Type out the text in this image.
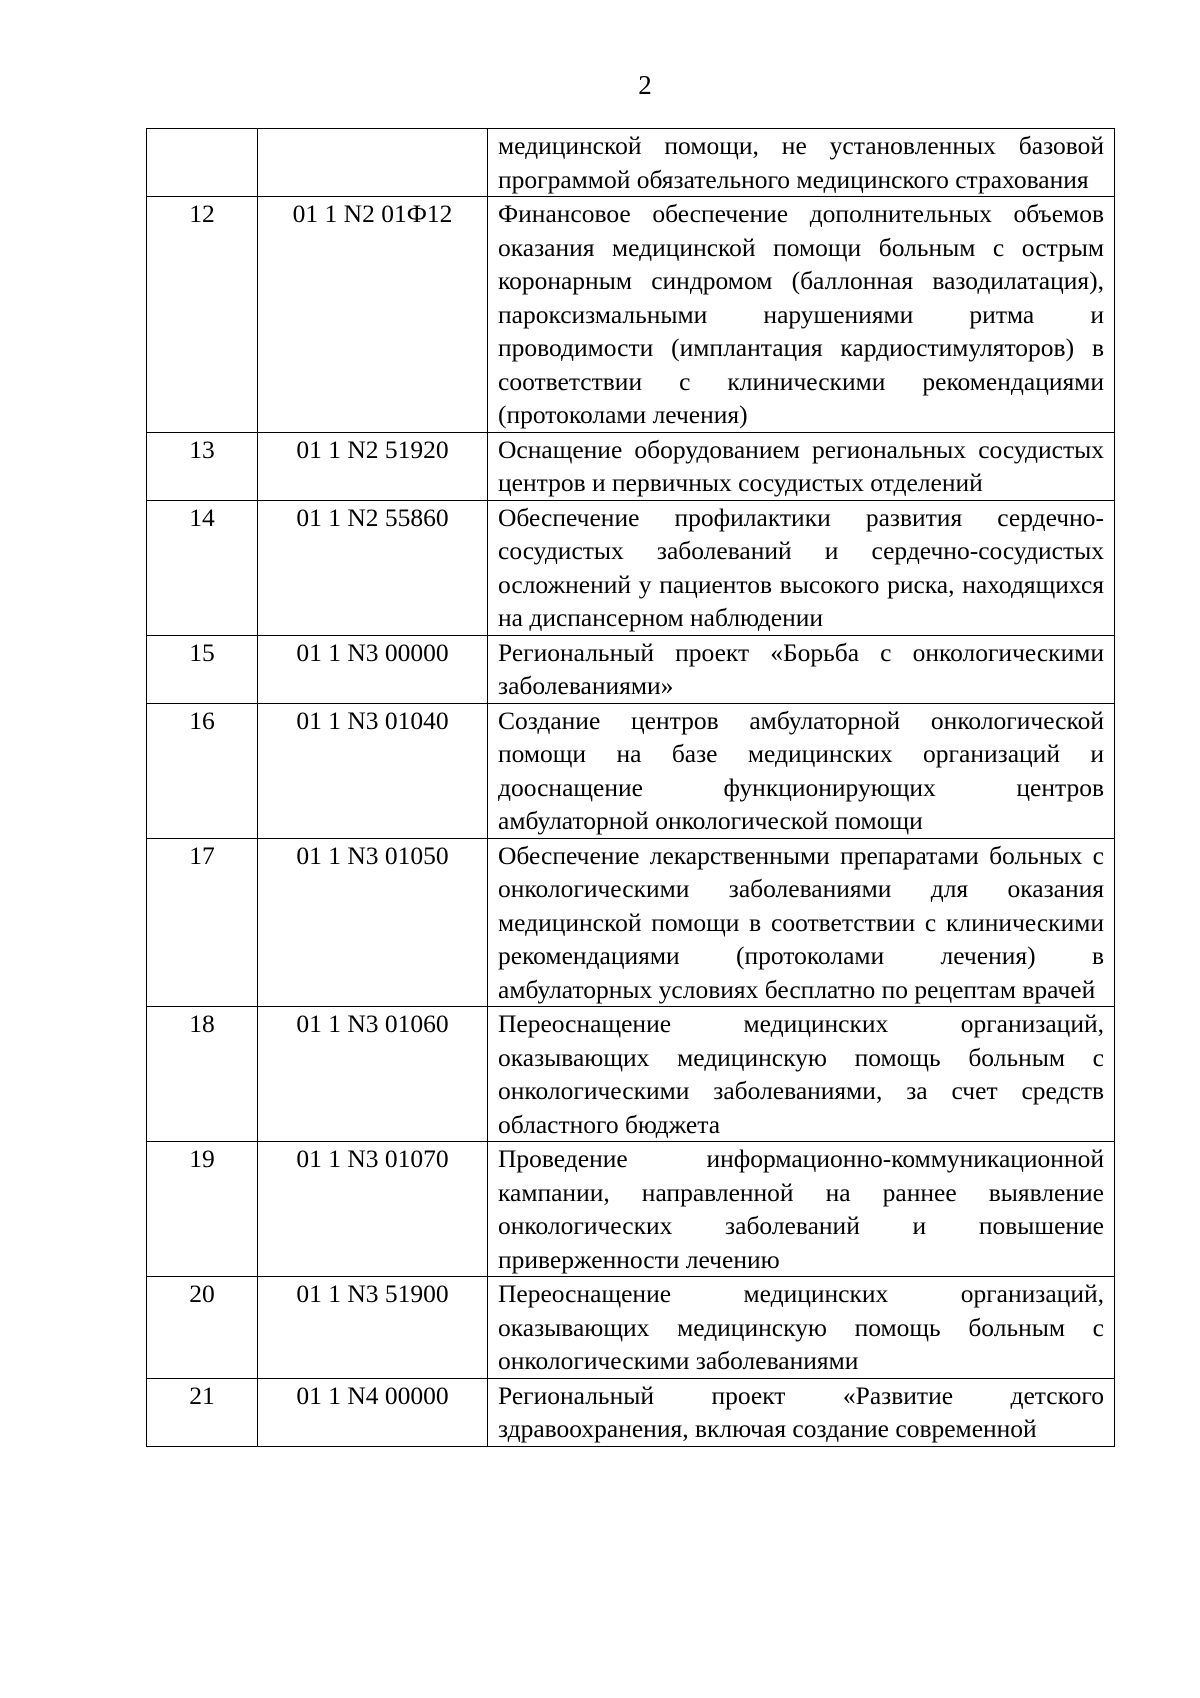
2
		медицинской помощи, не установленных базовой программой обязательного медицинского страхования
12	01 1 N2 01Ф12	Финансовое обеспечение дополнительных объемов оказания медицинской помощи больным с острым коронарным синдромом (баллонная вазодилатация), пароксизмальными нарушениями ритма и проводимости (имплантация кардиостимуляторов) в соответствии с клиническими рекомендациями (протоколами лечения)
13	01 1 N2 51920	Оснащение оборудованием региональных сосудистых центров и первичных сосудистых отделений
14	01 1 N2 55860	Обеспечение профилактики развития сердечно-сосудистых заболеваний и сердечно-сосудистых осложнений у пациентов высокого риска, находящихся на диспансерном наблюдении
15	01 1 N3 00000	Региональный проект «Борьба с онкологическими заболеваниями»
16	01 1 N3 01040	Создание центров амбулаторной онкологической помощи на базе медицинских организаций и дооснащение функционирующих центров амбулаторной онкологической помощи
17	01 1 N3 01050	Обеспечение лекарственными препаратами больных с онкологическими заболеваниями для оказания медицинской помощи в соответствии с клиническими рекомендациями (протоколами лечения) в амбулаторных условиях бесплатно по рецептам врачей
18	01 1 N3 01060	Переоснащение медицинских организаций, оказывающих медицинскую помощь больным с онкологическими заболеваниями, за счет средств областного бюджета
19	01 1 N3 01070	Проведение информационно-коммуникационной кампании, направленной на раннее выявление онкологических заболеваний и повышение приверженности лечению
20	01 1 N3 51900	Переоснащение медицинских организаций, оказывающих медицинскую помощь больным с онкологическими заболеваниями
21	01 1 N4 00000	Региональный проект «Развитие детского здравоохранения, включая создание современной
